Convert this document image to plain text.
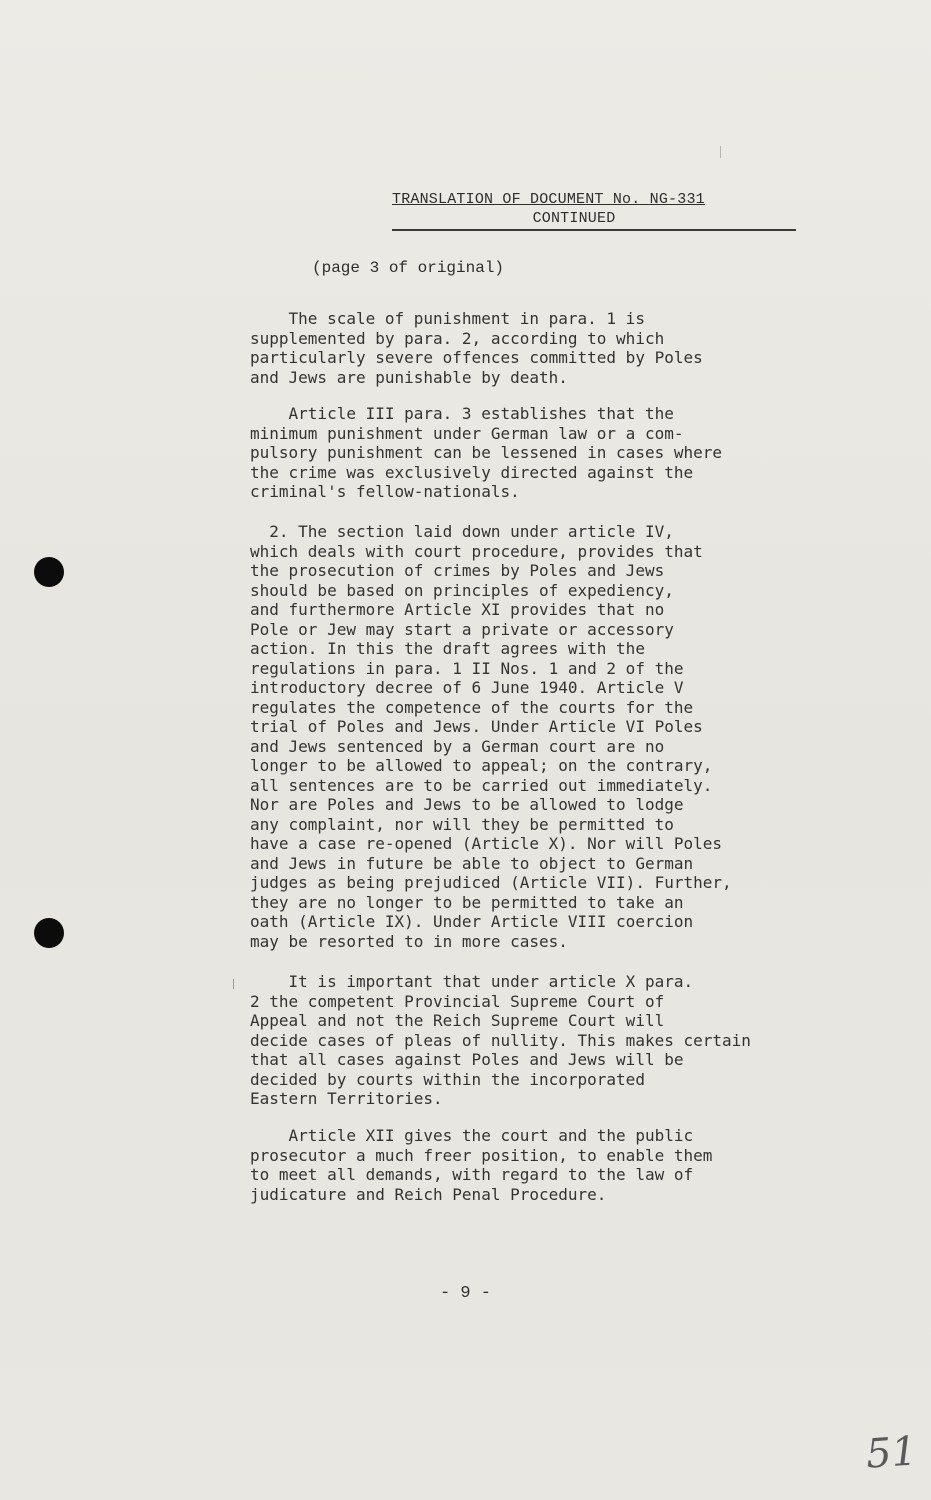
TRANSLATION OF DOCUMENT No. NG-331
CONTINUED
(page 3 of original)
The scale of punishment in para. 1 is
supplemented by para. 2, according to which
particularly severe offences committed by Poles
and Jews are punishable by death.
Article III para. 3 establishes that the
minimum punishment under German law or a com-
pulsory punishment can be lessened in cases where
the crime was exclusively directed against the
criminal's fellow-nationals.
2. The section laid down under article IV,
which deals with court procedure, provides that
the prosecution of crimes by Poles and Jews
should be based on principles of expediency,
and furthermore Article XI provides that no
Pole or Jew may start a private or accessory
action. In this the draft agrees with the
regulations in para. 1 II Nos. 1 and 2 of the
introductory decree of 6 June 1940. Article V
regulates the competence of the courts for the
trial of Poles and Jews. Under Article VI Poles
and Jews sentenced by a German court are no
longer to be allowed to appeal; on the contrary,
all sentences are to be carried out immediately.
Nor are Poles and Jews to be allowed to lodge
any complaint, nor will they be permitted to
have a case re-opened (Article X). Nor will Poles
and Jews in future be able to object to German
judges as being prejudiced (Article VII). Further,
they are no longer to be permitted to take an
oath (Article IX). Under Article VIII coercion
may be resorted to in more cases.
It is important that under article X para.
2 the competent Provincial Supreme Court of
Appeal and not the Reich Supreme Court will
decide cases of pleas of nullity. This makes certain
that all cases against Poles and Jews will be
decided by courts within the incorporated
Eastern Territories.
Article XII gives the court and the public
prosecutor a much freer position, to enable them
to meet all demands, with regard to the law of
judicature and Reich Penal Procedure.
- 9 -
51
